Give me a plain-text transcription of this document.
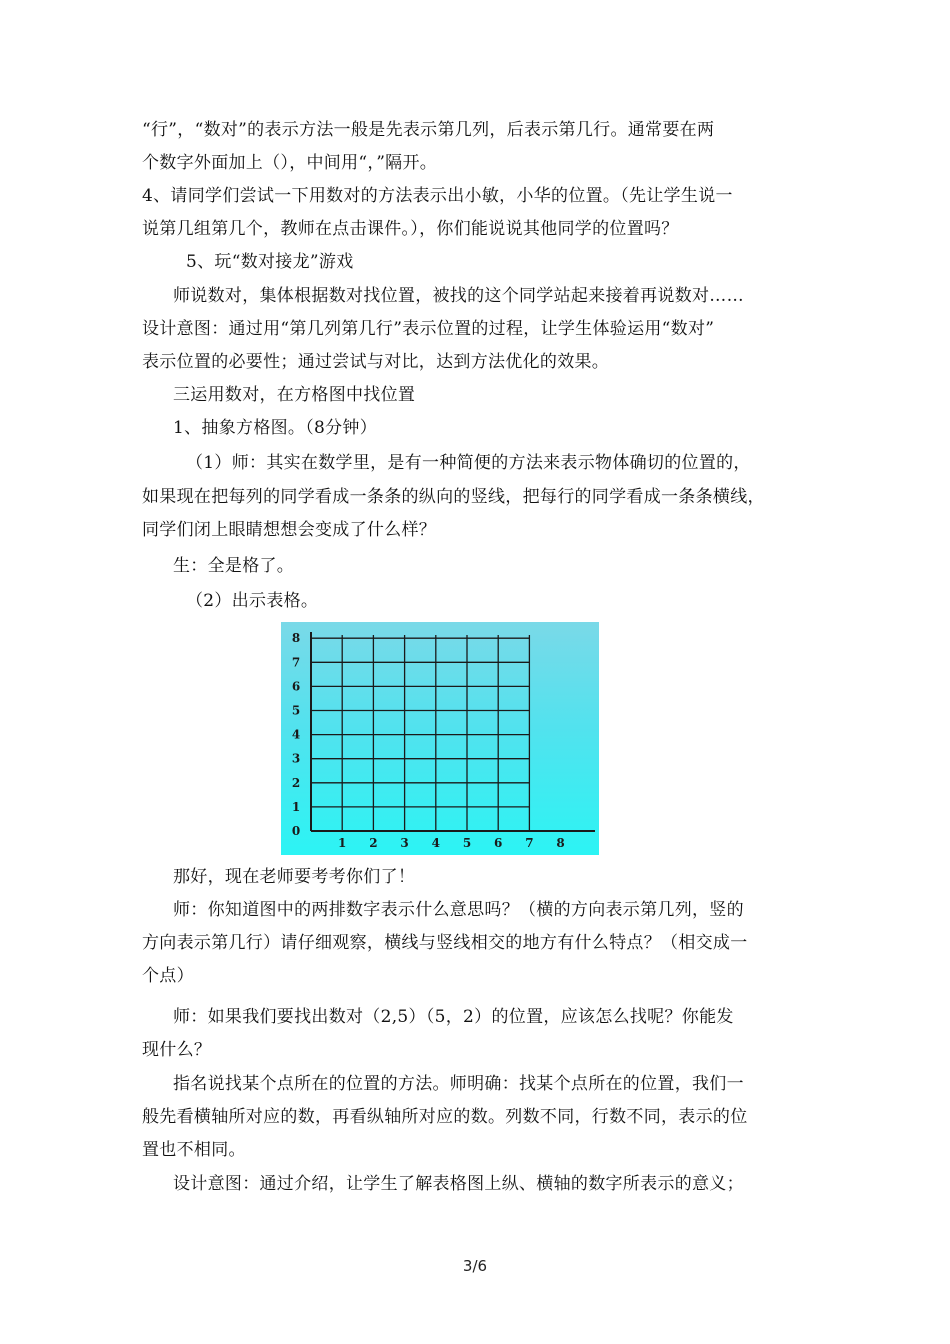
“行”，“数对”的表示方法一般是先表示第几列，后表示第几行。通常要在两
个数字外面加上（），中间用“，”隔开。
4、请同学们尝试一下用数对的方法表示出小敏，小华的位置。（先让学生说一
说第几组第几个，教师在点击课件。），你们能说说其他同学的位置吗？
5、玩“数对接龙”游戏
师说数对，集体根据数对找位置，被找的这个同学站起来接着再说数对……
设计意图：通过用“第几列第几行”表示位置的过程，让学生体验运用“数对”
表示位置的必要性；通过尝试与对比，达到方法优化的效果。
三运用数对，在方格图中找位置
1、抽象方格图。（8分钟）
（1）师：其实在数学里，是有一种简便的方法来表示物体确切的位置的，
如果现在把每列的同学看成一条条的纵向的竖线，把每行的同学看成一条条横线，
同学们闭上眼睛想想会变成了什么样？
生：全是格了。
（2）出示表格。
0
1
2
3
4
5
6
7
8
1 2 3 4 5 6 7 8
那好，现在老师要考考你们了！
师：你知道图中的两排数字表示什么意思吗？（横的方向表示第几列，竖的
方向表示第几行）请仔细观察，横线与竖线相交的地方有什么特点？（相交成一
个点）
师：如果我们要找出数对（2,5）（5，2）的位置，应该怎么找呢？你能发
现什么？
指名说找某个点所在的位置的方法。师明确：找某个点所在的位置，我们一
般先看横轴所对应的数，再看纵轴所对应的数。列数不同，行数不同，表示的位
置也不相同。
设计意图：通过介绍，让学生了解表格图上纵、横轴的数字所表示的意义；
3/6
